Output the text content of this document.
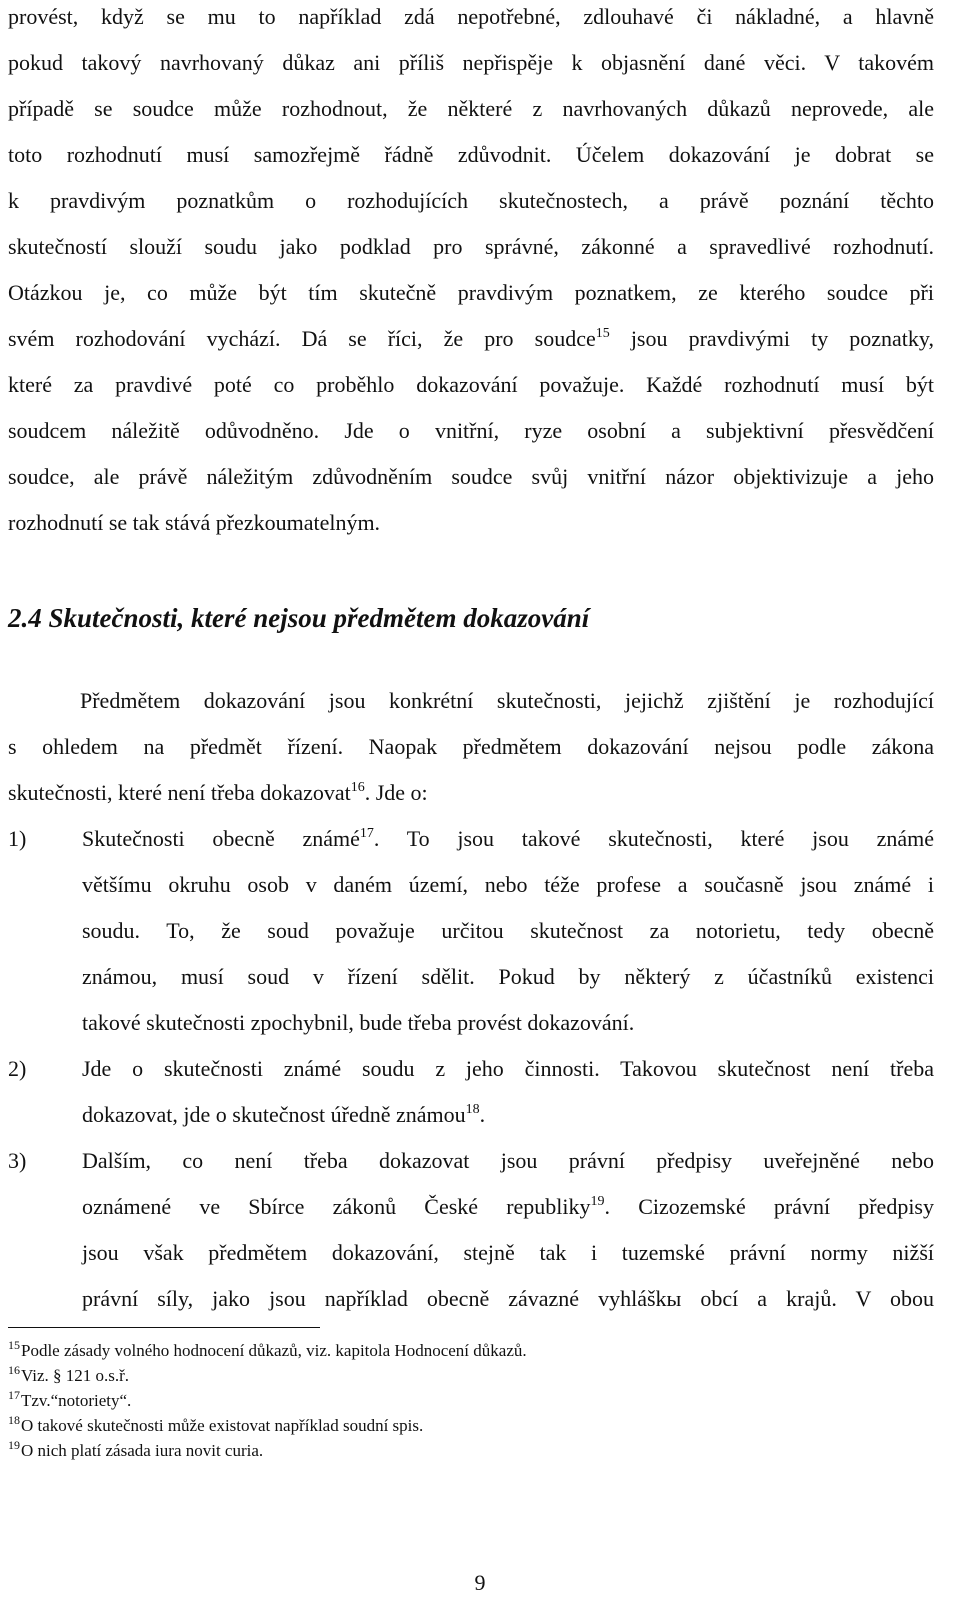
provést, když se mu to například zdá nepotřebné, zdlouhavé či nákladné, a hlavně
pokud takový navrhovaný důkaz ani příliš nepřispěje k objasnění dané věci. V takovém
případě se soudce může rozhodnout, že některé z navrhovaných důkazů neprovede, ale
toto rozhodnutí musí samozřejmě řádně zdůvodnit. Účelem dokazování je dobrat se
k pravdivým poznatkům o rozhodujících skutečnostech, a právě poznání těchto
skutečností slouží soudu jako podklad pro správné, zákonné a spravedlivé rozhodnutí.
Otázkou je, co může být tím skutečně pravdivým poznatkem, ze kterého soudce při
svém rozhodování vychází. Dá se říci, že pro soudce$^{15}$ jsou pravdivými ty poznatky,
které za pravdivé poté co proběhlo dokazování považuje. Každé rozhodnutí musí být
soudcem náležitě odůvodněno. Jde o vnitřní, ryze osobní a subjektivní přesvědčení
soudce, ale právě náležitým zdůvodněním soudce svůj vnitřní názor objektivizuje a jeho
rozhodnutí se tak stává přezkoumatelným.
2.4 Skutečnosti, které nejsou předmětem dokazování
Předmětem dokazování jsou konkrétní skutečnosti, jejichž zjištění je rozhodující
s ohledem na předmět řízení. Naopak předmětem dokazování nejsou podle zákona
skutečnosti, které není třeba dokazovat$^{16}$. Jde o:
1)	Skutečnosti obecně známé$^{17}$. To jsou takové skutečnosti, které jsou známé
většímu okruhu osob v daném území, nebo téže profese a současně jsou známé i
soudu. To, že soud považuje určitou skutečnost za notorietu, tedy obecně
známou, musí soud v řízení sdělit. Pokud by některý z účastníků existenci
takové skutečnosti zpochybnil, bude třeba provést dokazování.
2)	Jde o skutečnosti známé soudu z jeho činnosti. Takovou skutečnost není třeba
dokazovat, jde o skutečnost úředně známou$^{18}$.
3)	Dalším, co není třeba dokazovat jsou právní předpisy uveřejněné nebo
oznámené ve Sbírce zákonů České republiky$^{19}$. Cizozemské právní předpisy
jsou však předmětem dokazování, stejně tak i tuzemské právní normy nižší
právní síly, jako jsou například obecně závazné vyhláškы obcí a krajů. V obou
$^{15}$Podle zásady volného hodnocení důkazů, viz. kapitola Hodnocení důkazů.
$^{16}$Viz. § 121 o.s.ř.
$^{17}$Tzv.“notoriety“.
$^{18}$O takové skutečnosti může existovat například soudní spis.
$^{19}$O nich platí zásada iura novit curia.
9
